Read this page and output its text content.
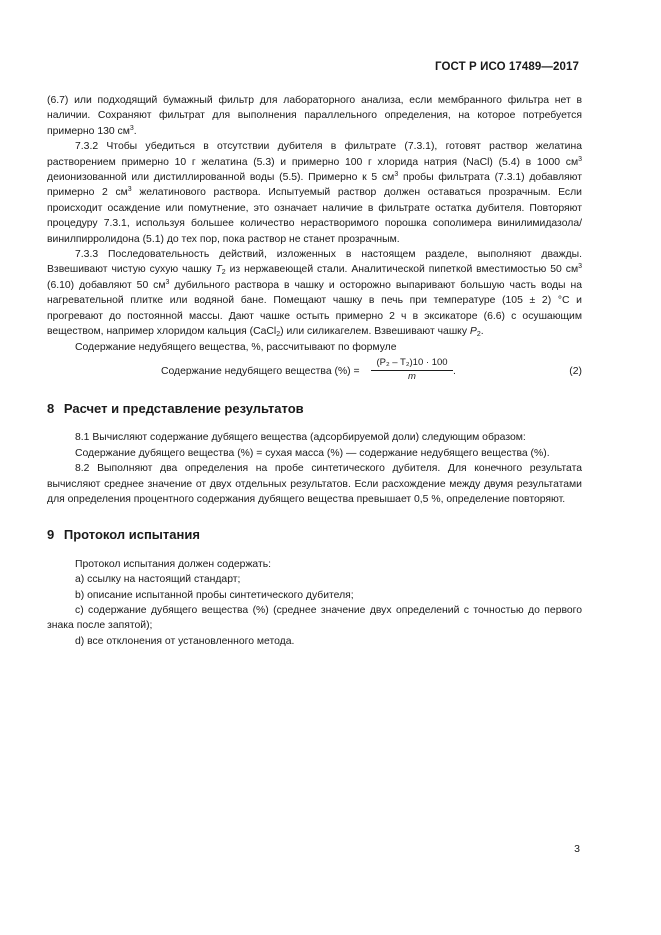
ГОСТ Р ИСО 17489—2017

(6.7) или подходящий бумажный фильтр для лабораторного анализа, если мембранного фильтра нет в наличии. Сохраняют фильтрат для выполнения параллельного определения, на которое потребуется примерно 130 $см^3$.

7.3.2 Чтобы убедиться в отсутствии дубителя в фильтрате (7.3.1), готовят раствор желатина растворением примерно 10 г желатина (5.3) и примерно 100 г хлорида натрия (NaCl) (5.4) в 1000 $см^3$ деионизованной или дистиллированной воды (5.5). Примерно к 5 $см^3$ пробы фильтрата (7.3.1) добавляют примерно 2 $см^3$ желатинового раствора. Испытуемый раствор должен оставаться прозрачным. Если происходит осаждение или помутнение, это означает наличие в фильтрате остатка дубителя. Повторяют процедуру 7.3.1, используя большее количество нерастворимого порошка сополимера винилимидазола/винилпирролидона (5.1) до тех пор, пока раствор не станет прозрачным.

7.3.3 Последовательность действий, изложенных в настоящем разделе, выполняют дважды. Взвешивают чистую сухую чашку $T_2$ из нержавеющей стали. Аналитической пипеткой вместимостью 50 $см^3$ (6.10) добавляют 50 $см^3$ дубильного раствора в чашку и осторожно выпаривают большую часть воды на нагревательной плитке или водяной бане. Помещают чашку в печь при температуре (105 ± 2) °С и прогревают до постоянной массы. Дают чашке остыть примерно 2 ч в эксикаторе (6.6) с осушающим веществом, например хлоридом кальция (CaCl$_2$) или силикагелем. Взвешивают чашку $P_2$.

Содержание недубящего вещества, %, рассчитывают по формуле

Содержание недубящего вещества (%) = $\frac{\text{(P₂ – T₂)10 · 100}}{m}$ .	(2)
8 Расчет и представление результатов

8.1 Вычисляют содержание дубящего вещества (адсорбируемой доли) следующим образом:

Содержание дубящего вещества (%) = сухая масса (%) — содержание недубящего вещества (%).

8.2 Выполняют два определения на пробе синтетического дубителя. Для конечного результата вычисляют среднее значение от двух отдельных результатов. Если расхождение между двумя результатами для определения процентного содержания дубящего вещества превышает 0,5 %, определение повторяют.

9 Протокол испытания

Протокол испытания должен содержать:

a) ссылку на настоящий стандарт;

b) описание испытанной пробы синтетического дубителя;

c) содержание дубящего вещества (%) (среднее значение двух определений с точностью до первого знака после запятой);

d) все отклонения от установленного метода.

3
